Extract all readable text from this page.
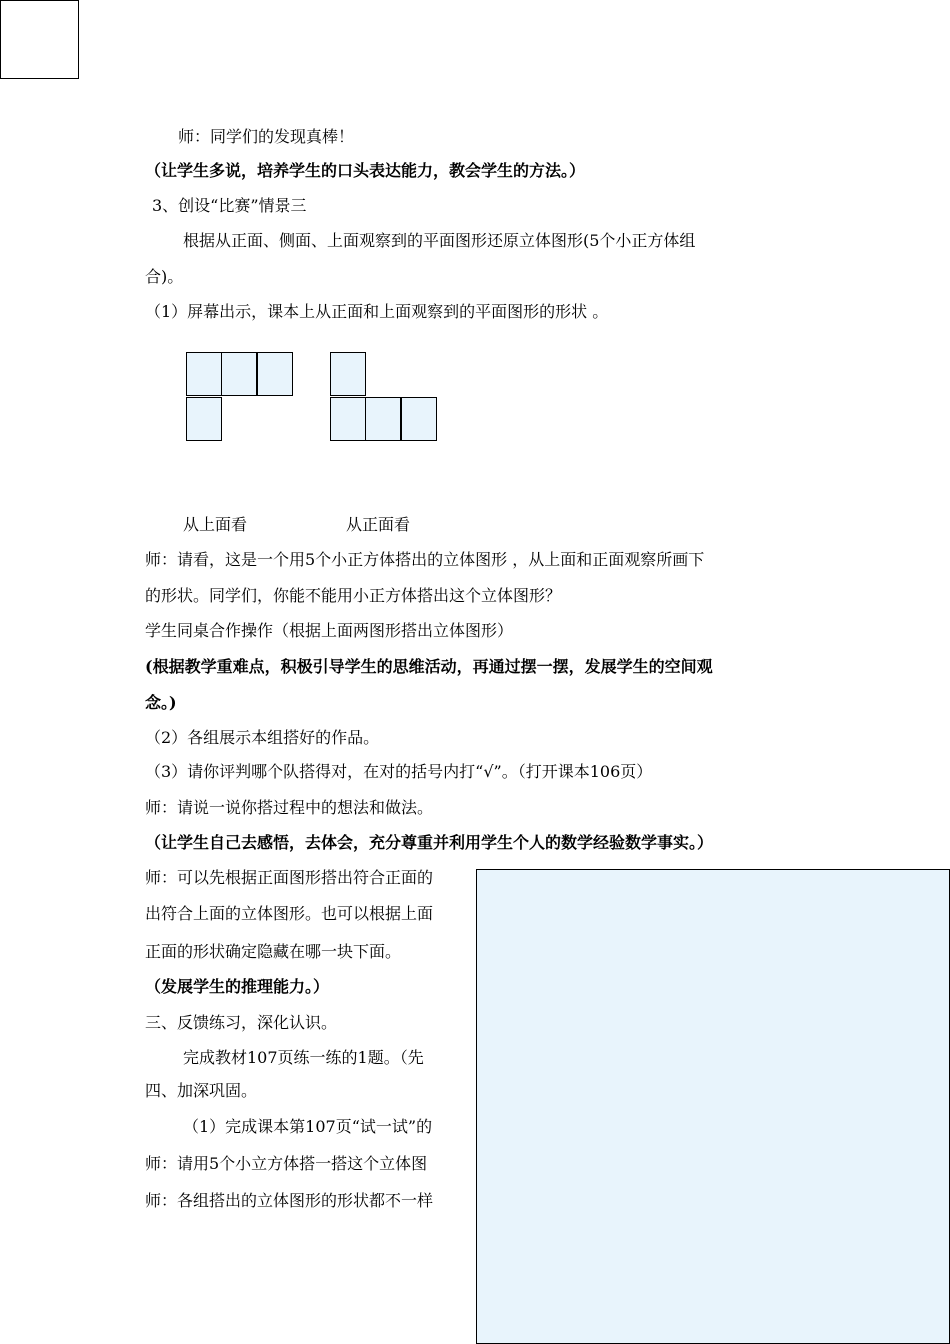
师：同学们的发现真棒！
（让学生多说，培养学生的口头表达能力，教会学生的方法。）
3、创设“比赛”情景三
根据从正面、侧面、上面观察到的平面图形还原立体图形(5个小正方体组
合)。
（1）屏幕出示，课本上从正面和上面观察到的平面图形的形状 。
从上面看	从正面看
师：请看，这是一个用5个小正方体搭出的立体图形 ，从上面和正面观察所画下
的形状。同学们，你能不能用小正方体搭出这个立体图形？
学生同桌合作操作（根据上面两图形搭出立体图形）
(根据教学重难点，积极引导学生的思维活动，再通过摆一摆，发展学生的空间观
念。)
（2）各组展示本组搭好的作品。
（3）请你评判哪个队搭得对，在对的括号内打“√”。（打开课本106页）
师：请说一说你搭过程中的想法和做法。
（让学生自己去感悟，去体会，充分尊重并利用学生个人的数学经验数学事实。）
师：可以先根据正面图形搭出符合正面的
出符合上面的立体图形。也可以根据上面
正面的形状确定隐藏在哪一块下面。
（发展学生的推理能力。）
三、反馈练习，深化认识。
完成教材107页练一练的1题。（先
四、加深巩固。
（1）完成课本第107页“试一试”的
师：请用5个小立方体搭一搭这个立体图
师：各组搭出的立体图形的形状都不一样
